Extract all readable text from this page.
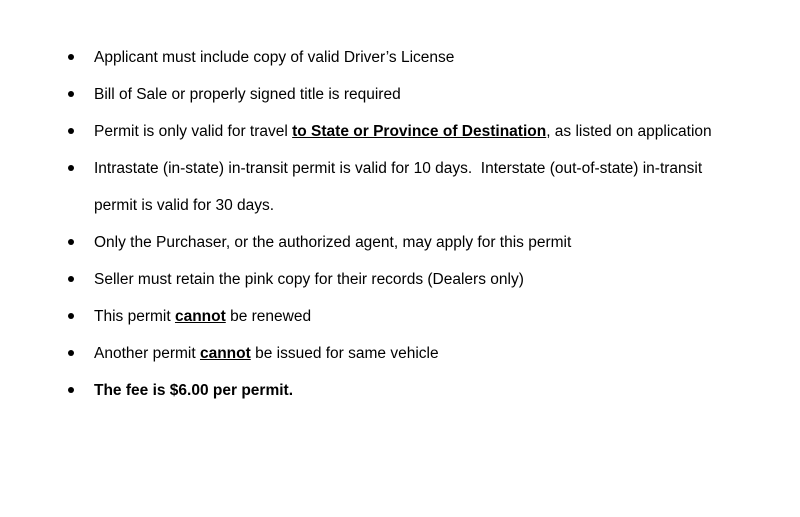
Applicant must include copy of valid Driver’s License
Bill of Sale or properly signed title is required
Permit is only valid for travel to State or Province of Destination, as listed on application
Intrastate (in-state) in-transit permit is valid for 10 days.  Interstate (out-of-state) in-transit
permit is valid for 30 days.
Only the Purchaser, or the authorized agent, may apply for this permit
Seller must retain the pink copy for their records (Dealers only)
This permit cannot be renewed
Another permit cannot be issued for same vehicle
The fee is $6.00 per permit.
